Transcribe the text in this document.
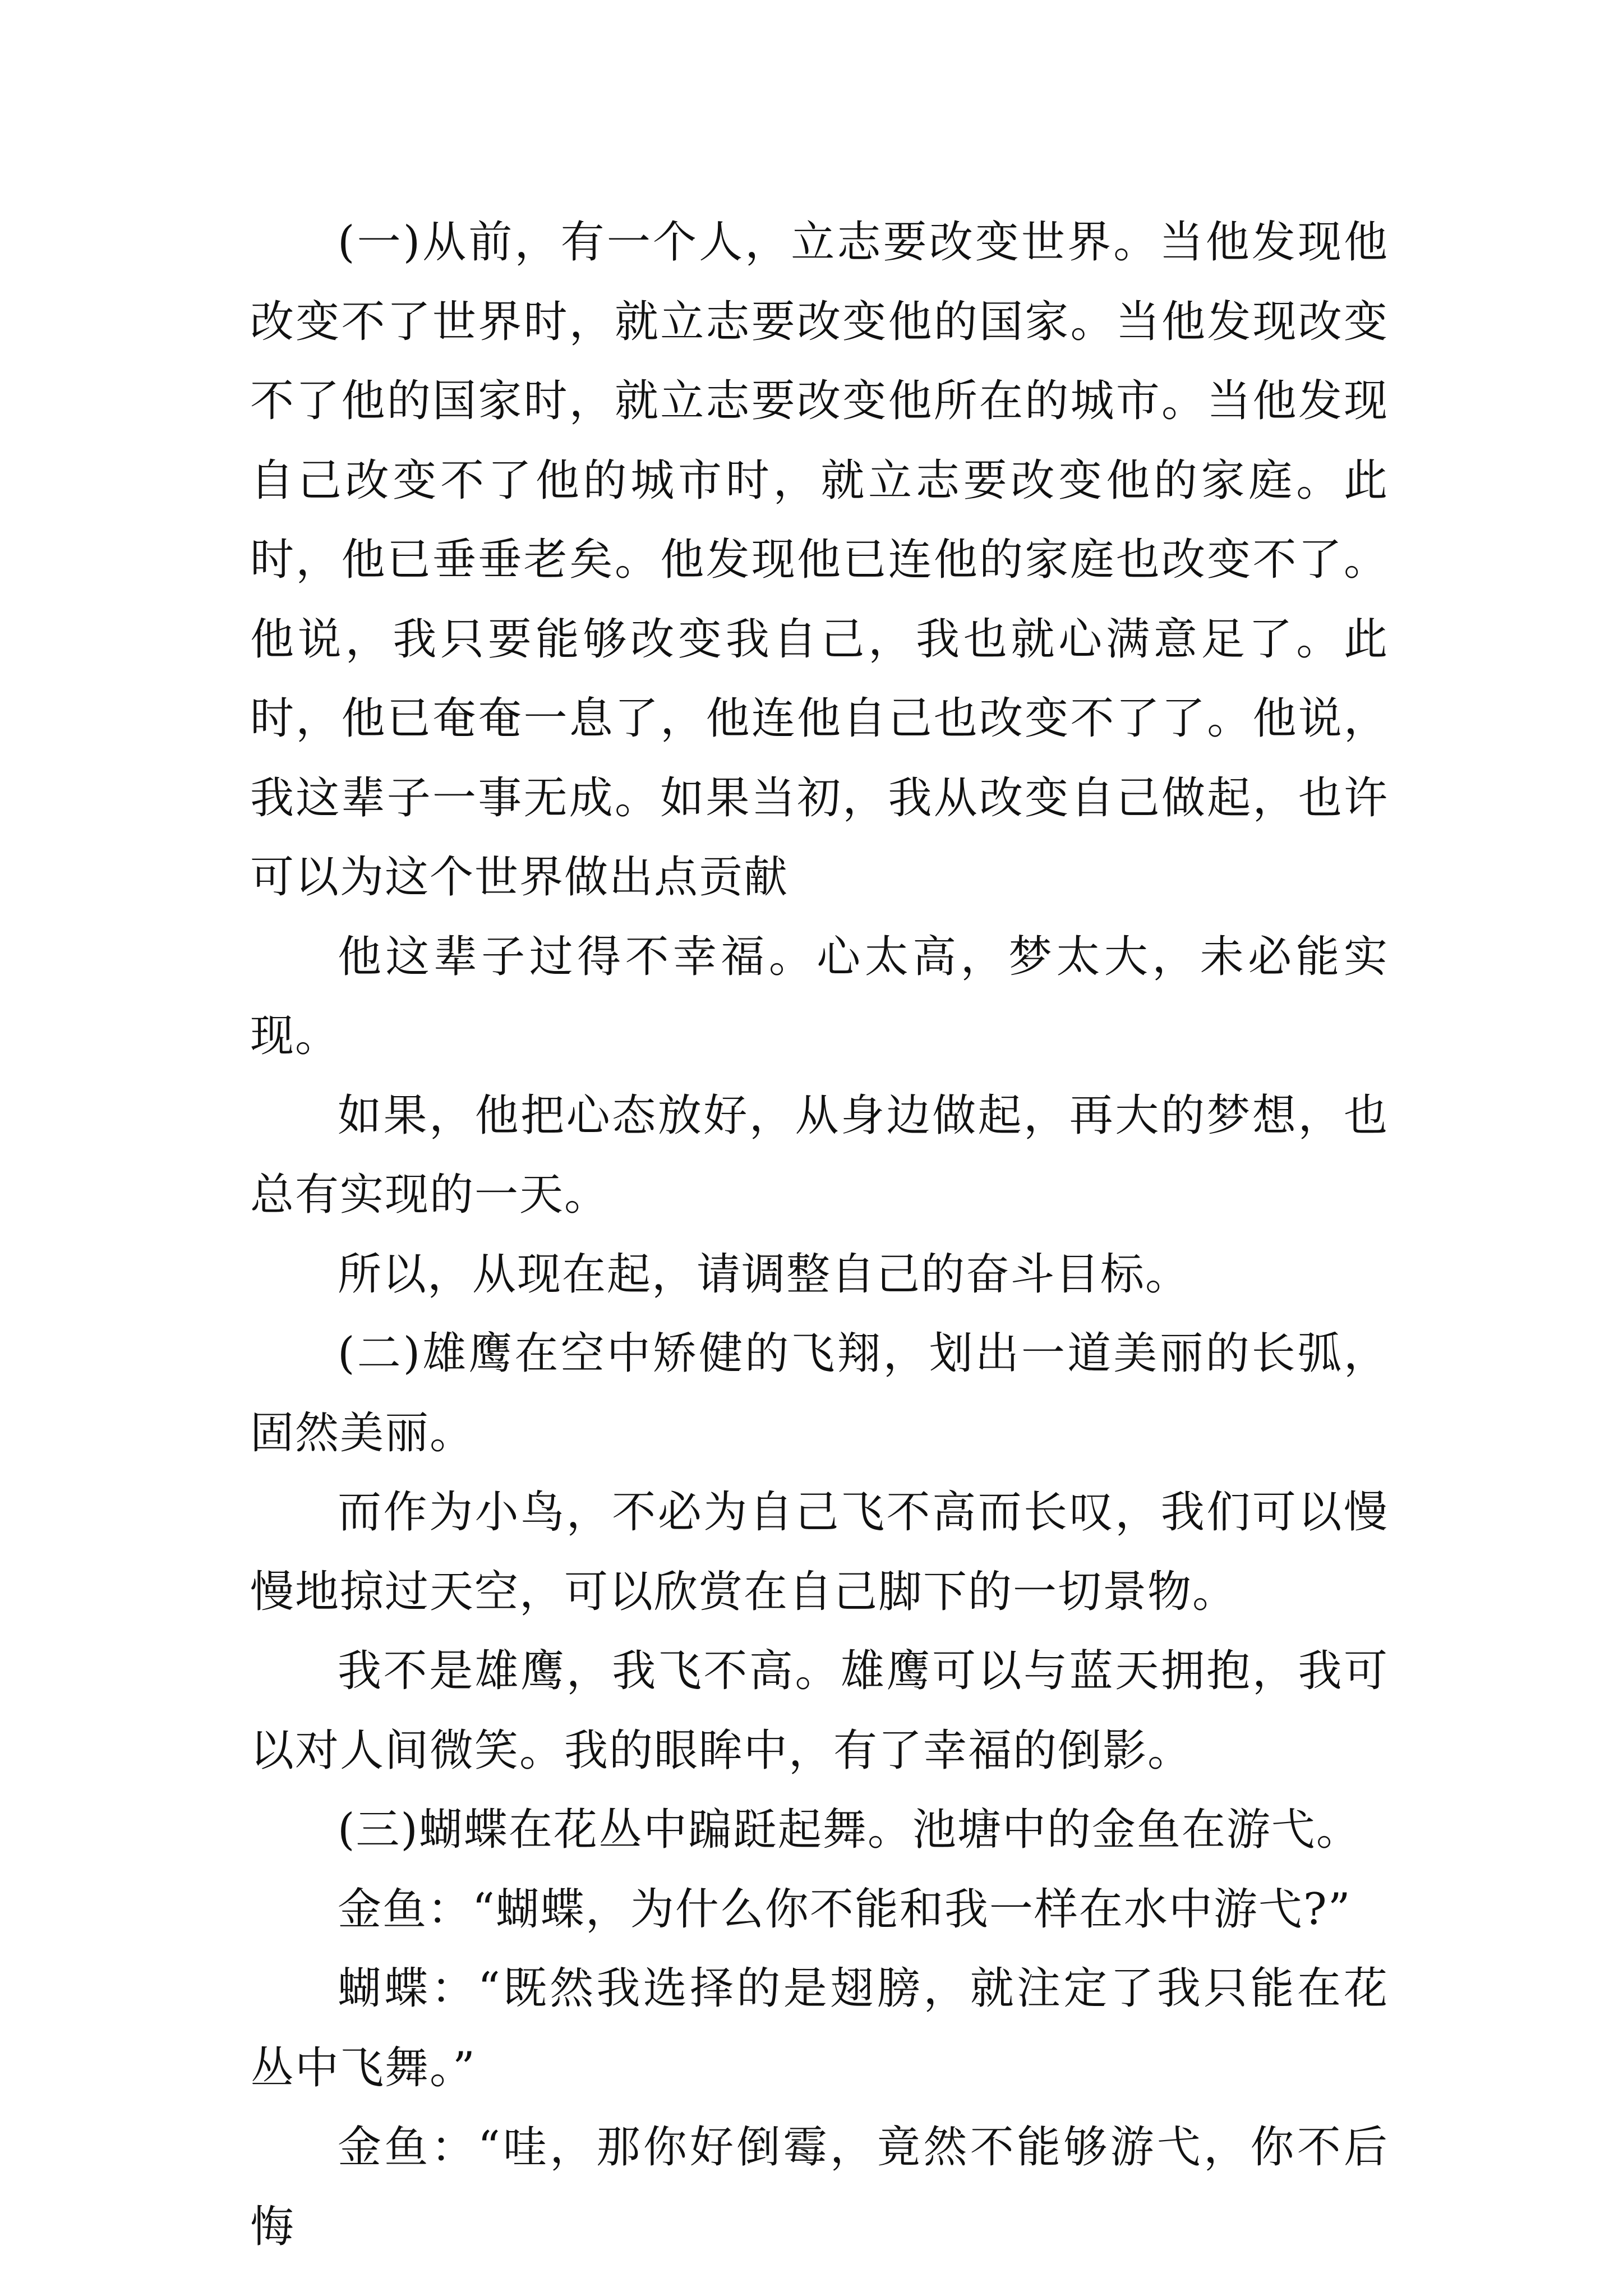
(一)从前，有一个人，立志要改变世界。当他发现他改变不了世界时，就立志要改变他的国家。当他发现改变不了他的国家时，就立志要改变他所在的城市。当他发现自己改变不了他的城市时，就立志要改变他的家庭。此时，他已垂垂老矣。他发现他已连他的家庭也改变不了。他说，我只要能够改变我自己，我也就心满意足了。此时，他已奄奄一息了，他连他自己也改变不了了。他说，我这辈子一事无成。如果当初，我从改变自己做起，也许可以为这个世界做出点贡献

他这辈子过得不幸福。心太高，梦太大，未必能实现。

如果，他把心态放好，从身边做起，再大的梦想，也总有实现的一天。

所以，从现在起，请调整自己的奋斗目标。

(二)雄鹰在空中矫健的飞翔，划出一道美丽的长弧，固然美丽。

而作为小鸟，不必为自己飞不高而长叹，我们可以慢慢地掠过天空，可以欣赏在自己脚下的一切景物。

我不是雄鹰，我飞不高。雄鹰可以与蓝天拥抱，我可以对人间微笑。我的眼眸中，有了幸福的倒影。

(三)蝴蝶在花丛中蹁跹起舞。池塘中的金鱼在游弋。

金鱼：“蝴蝶，为什么你不能和我一样在水中游弋?”

蝴蝶：“既然我选择的是翅膀，就注定了我只能在花丛中飞舞。”

金鱼：“哇，那你好倒霉，竟然不能够游弋，你不后悔
